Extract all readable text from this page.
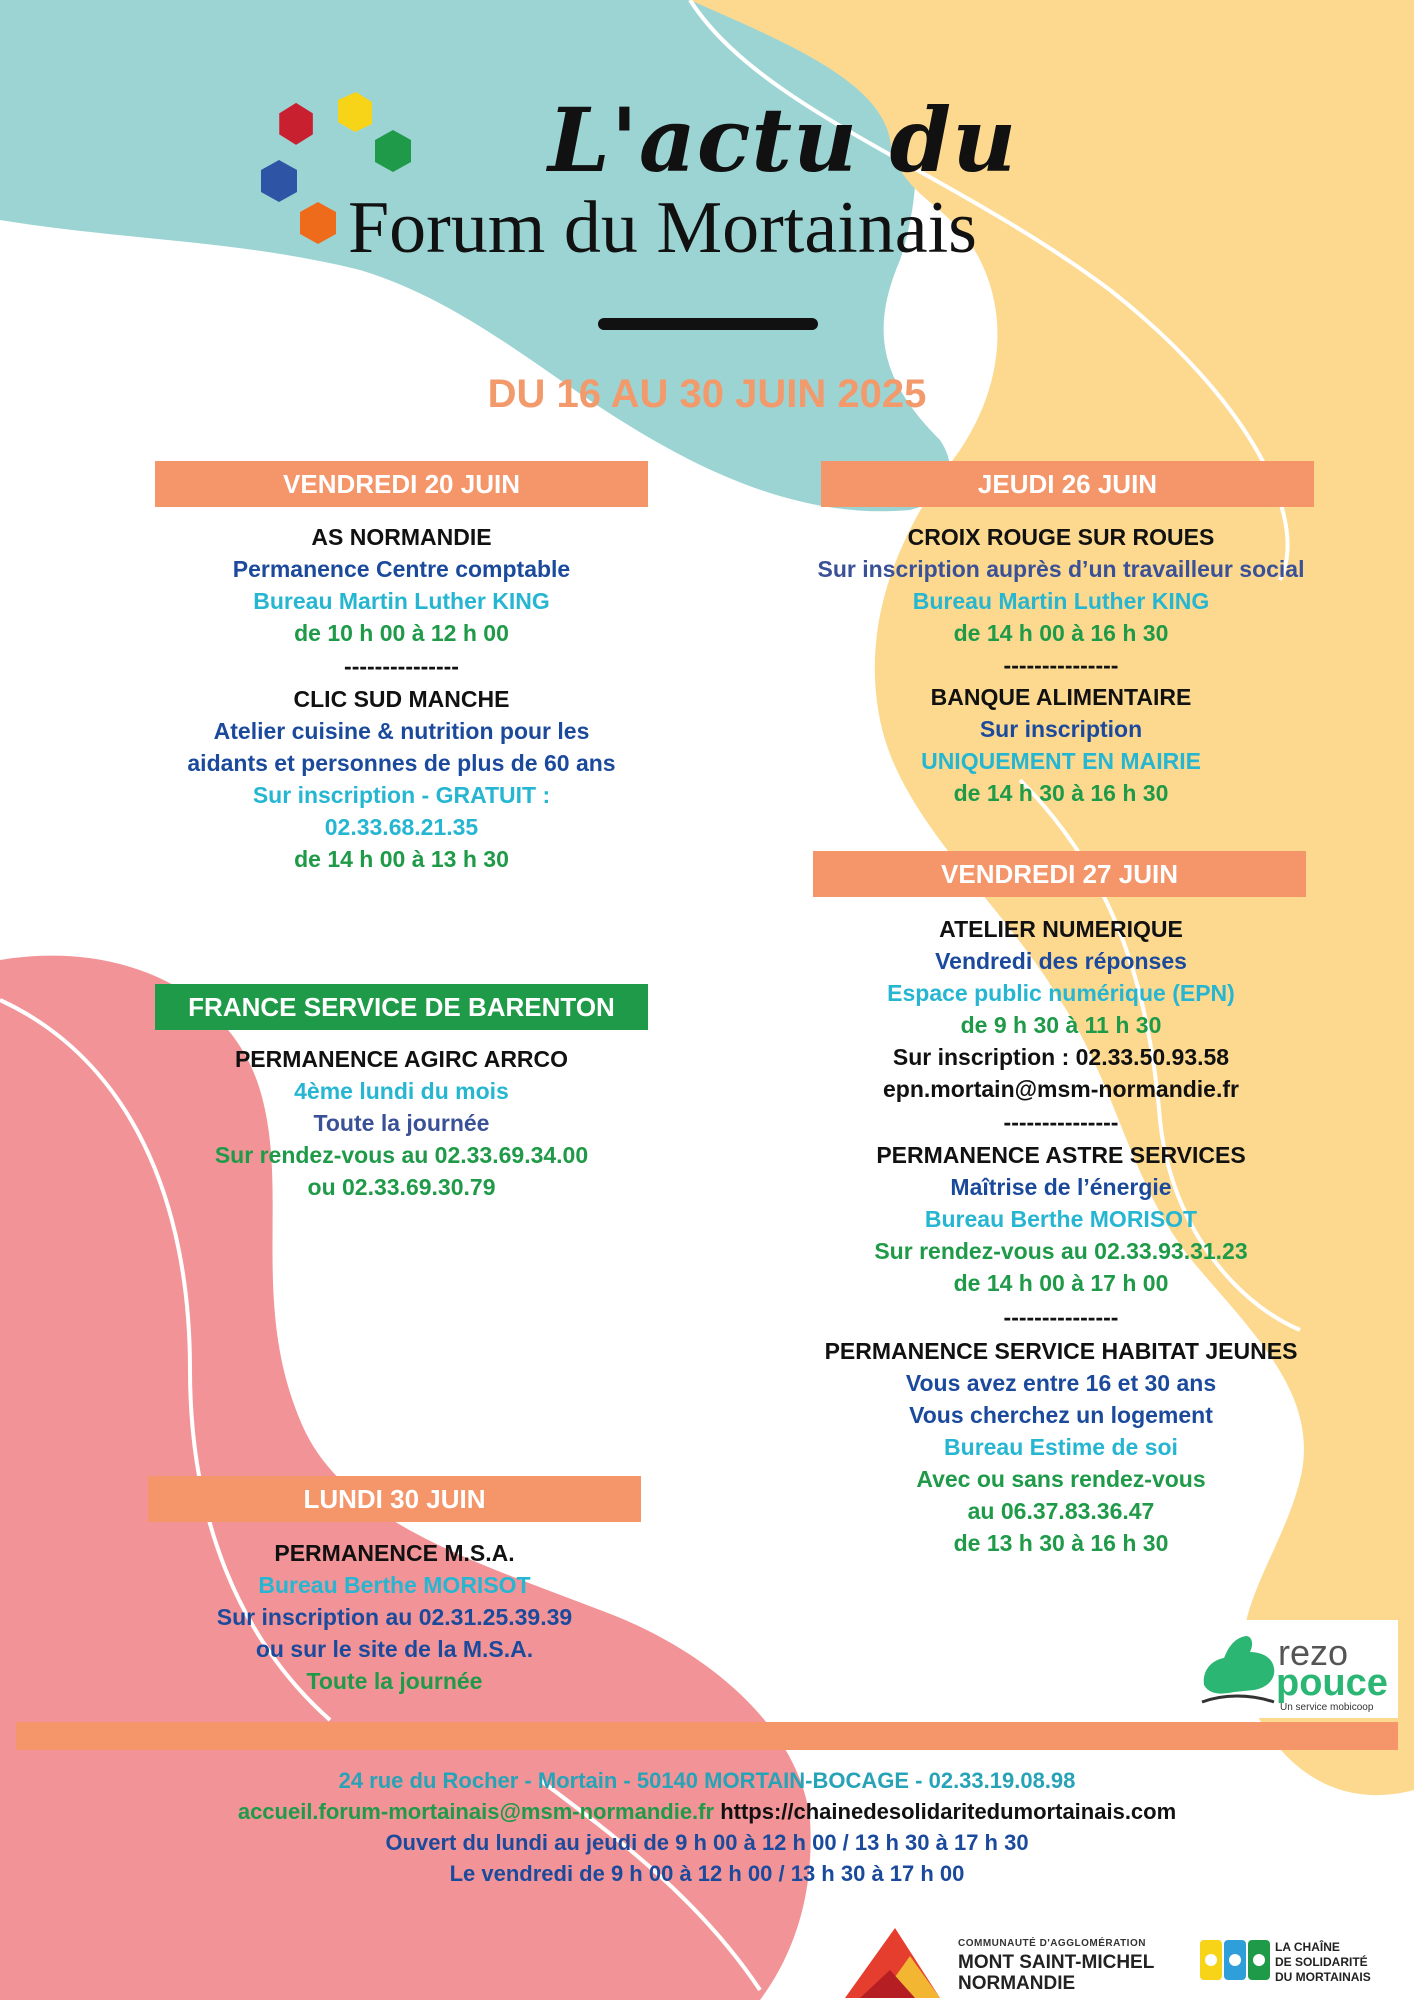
L'actu du
Forum du Mortainais
DU 16 AU 30 JUIN 2025
VENDREDI 20 JUIN
AS NORMANDIE
Permanence Centre comptable
Bureau Martin Luther KING
de 10 h 00 à 12 h 00
---------------
CLIC SUD MANCHE
Atelier cuisine & nutrition pour les
aidants et personnes de plus de 60 ans
Sur inscription - GRATUIT :
02.33.68.21.35
de 14 h 00 à 13 h 30
FRANCE SERVICE DE BARENTON
PERMANENCE AGIRC ARRCO
4ème lundi du mois
Toute la journée
Sur rendez-vous au 02.33.69.34.00
ou 02.33.69.30.79
LUNDI 30 JUIN
PERMANENCE M.S.A.
Bureau Berthe MORISOT
Sur inscription au 02.31.25.39.39
ou sur le site de la M.S.A.
Toute la journée
JEUDI 26 JUIN
CROIX ROUGE SUR ROUES
Sur inscription auprès d’un travailleur social
Bureau Martin Luther KING
de 14 h 00 à 16 h 30
---------------
BANQUE ALIMENTAIRE
Sur inscription
UNIQUEMENT EN MAIRIE
de 14 h 30 à 16 h 30
VENDREDI 27 JUIN
ATELIER NUMERIQUE
Vendredi des réponses
Espace public numérique (EPN)
de 9 h 30 à 11 h 30
Sur inscription : 02.33.50.93.58
epn.mortain@msm-normandie.fr
---------------
PERMANENCE ASTRE SERVICES
Maîtrise de l’énergie
Bureau Berthe MORISOT
Sur rendez-vous au 02.33.93.31.23
de 14 h 00 à 17 h 00
---------------
PERMANENCE SERVICE HABITAT JEUNES
Vous avez entre 16 et 30 ans
Vous cherchez un logement
Bureau Estime de soi
Avec ou sans rendez-vous
au 06.37.83.36.47
de 13 h 30 à 16 h 30
rezo
pouce
Un service mobicoop
24 rue du Rocher - Mortain - 50140 MORTAIN-BOCAGE - 02.33.19.08.98
accueil.forum-mortainais@msm-normandie.fr https://chainedesolidaritedumortainais.com
Ouvert du lundi au jeudi de 9 h 00 à 12 h 00 / 13 h 30 à 17 h 30
Le vendredi de 9 h 00 à 12 h 00 / 13 h 30 à 17 h 00
COMMUNAUTÉ D'AGGLOMÉRATION
MONT SAINT-MICHEL
NORMANDIE
LA CHAÎNE
DE SOLIDARITÉ
DU MORTAINAIS
